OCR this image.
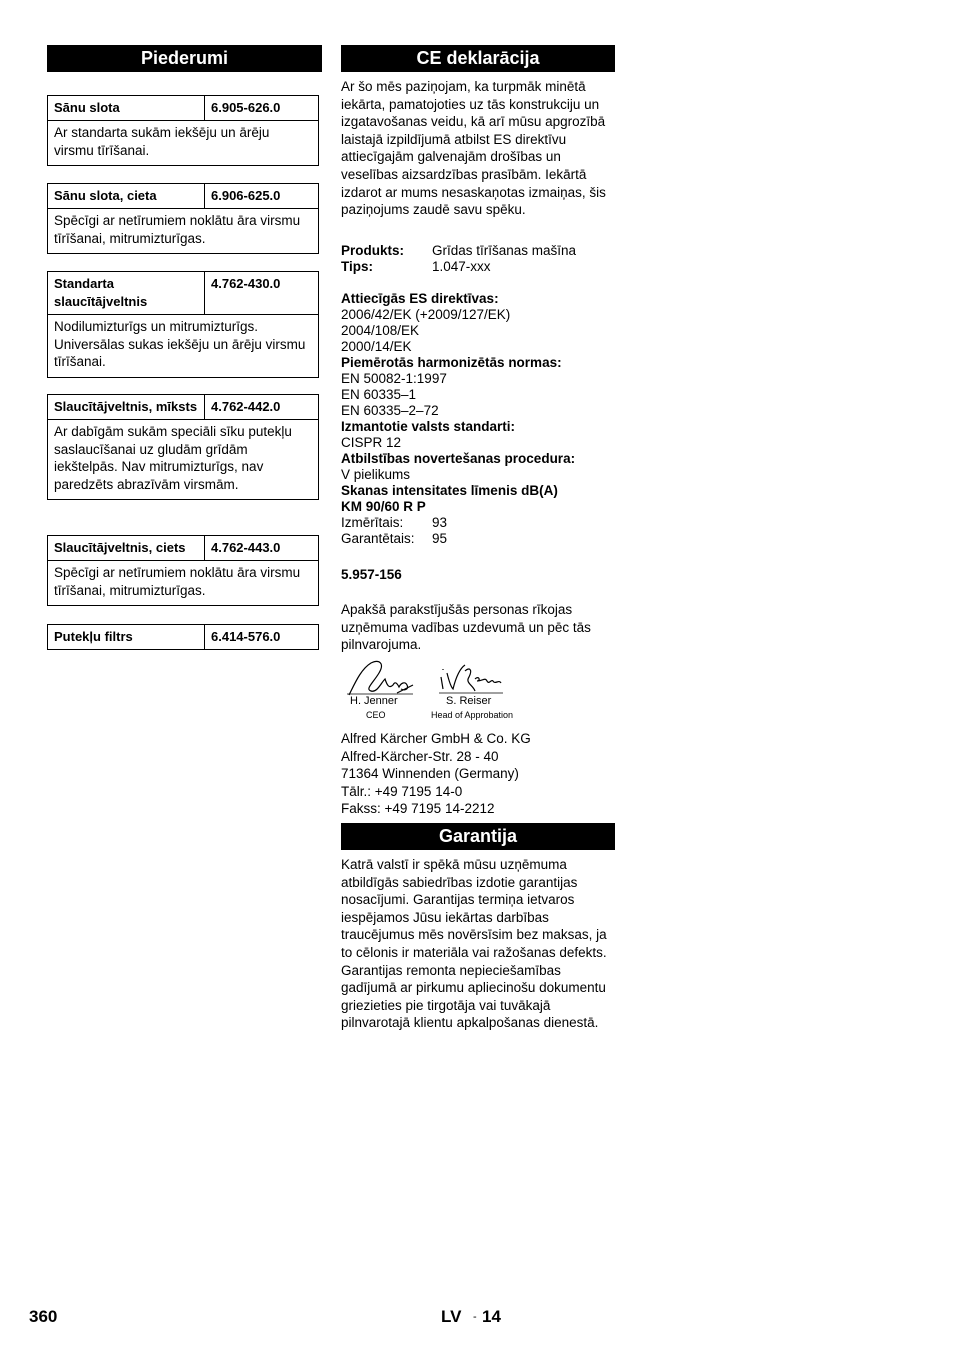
Piederumi
Sānu slota	6.905-626.0
Ar standarta sukām iekšēju un ārēju virsmu tīrīšanai.
Sānu slota, cieta	6.906-625.0
Spēcīgi ar netīrumiem noklātu āra virsmu tīrīšanai, mitrumizturīgas.
Standarta slaucītājveltnis
4.762-430.0
Nodilumizturīgs un mitrumizturīgs. Universālas sukas iekšēju un ārēju virsmu tīrīšanai.
Slaucītājveltnis, mīksts	4.762-442.0
Ar dabīgām sukām speciāli sīku putekļu saslaucīšanai uz gludām grīdām iekštelpās. Nav mitrumizturīgs, nav paredzēts abrazīvām virsmām.
Slaucītājveltnis, ciets	4.762-443.0
Spēcīgi ar netīrumiem noklātu āra virsmu tīrīšanai, mitrumizturīgas.
Putekļu filtrs	6.414-576.0
CE deklarācija
Ar šo mēs paziņojam, ka turpmāk minētā iekārta, pamatojoties uz tās konstrukciju un izgatavošanas veidu, kā arī mūsu apgrozībā laistajā izpildījumā atbilst ES direktīvu attiecīgajām galvenajām drošības un veselības aizsardzības prasībām. Iekārtā izdarot ar mums nesaskaņotas izmaiņas, šis paziņojums zaudē savu spēku.
Produkts:	Grīdas tīrīšanas mašīna
Tips:	1.047-xxx
Attiecīgās ES direktīvas:
2006/42/EK (+2009/127/EK)
2004/108/EK
2000/14/EK
Piemērotās harmonizētās normas:
EN 50082-1:1997
EN 60335–1
EN 60335–2–72
Izmantotie valsts standarti:
CISPR 12
Atbilstības novertešanas procedura:
V pielikums
Skanas intensitates līmenis dB(A)
KM 90/60 R P
Izmērītais:	93
Garantētais:	95
5.957-156
Apakšā parakstījušās personas rīkojas uzņēmuma vadības uzdevumā un pēc tās pilnvarojuma.
H. Jenner
CEO
S. Reiser
Head of Approbation
Alfred Kärcher GmbH & Co. KG
Alfred-Kärcher-Str. 28 - 40
71364 Winnenden (Germany)
Tālr.: +49 7195 14-0
Fakss: +49 7195 14-2212
Garantija
Katrā valstī ir spēkā mūsu uzņēmuma atbildīgās sabiedrības izdotie garantijas nosacījumi. Garantijas termiņa ietvaros iespējamos Jūsu iekārtas darbības traucējumus mēs novērsīsim bez maksas, ja to cēlonis ir materiāla vai ražošanas defekts. Garantijas remonta nepieciešamības gadījumā ar pirkumu apliecinošu dokumentu griezieties pie tirgotāja vai tuvākajā pilnvarotajā klientu apkalpošanas dienestā.
360	LV - 14
